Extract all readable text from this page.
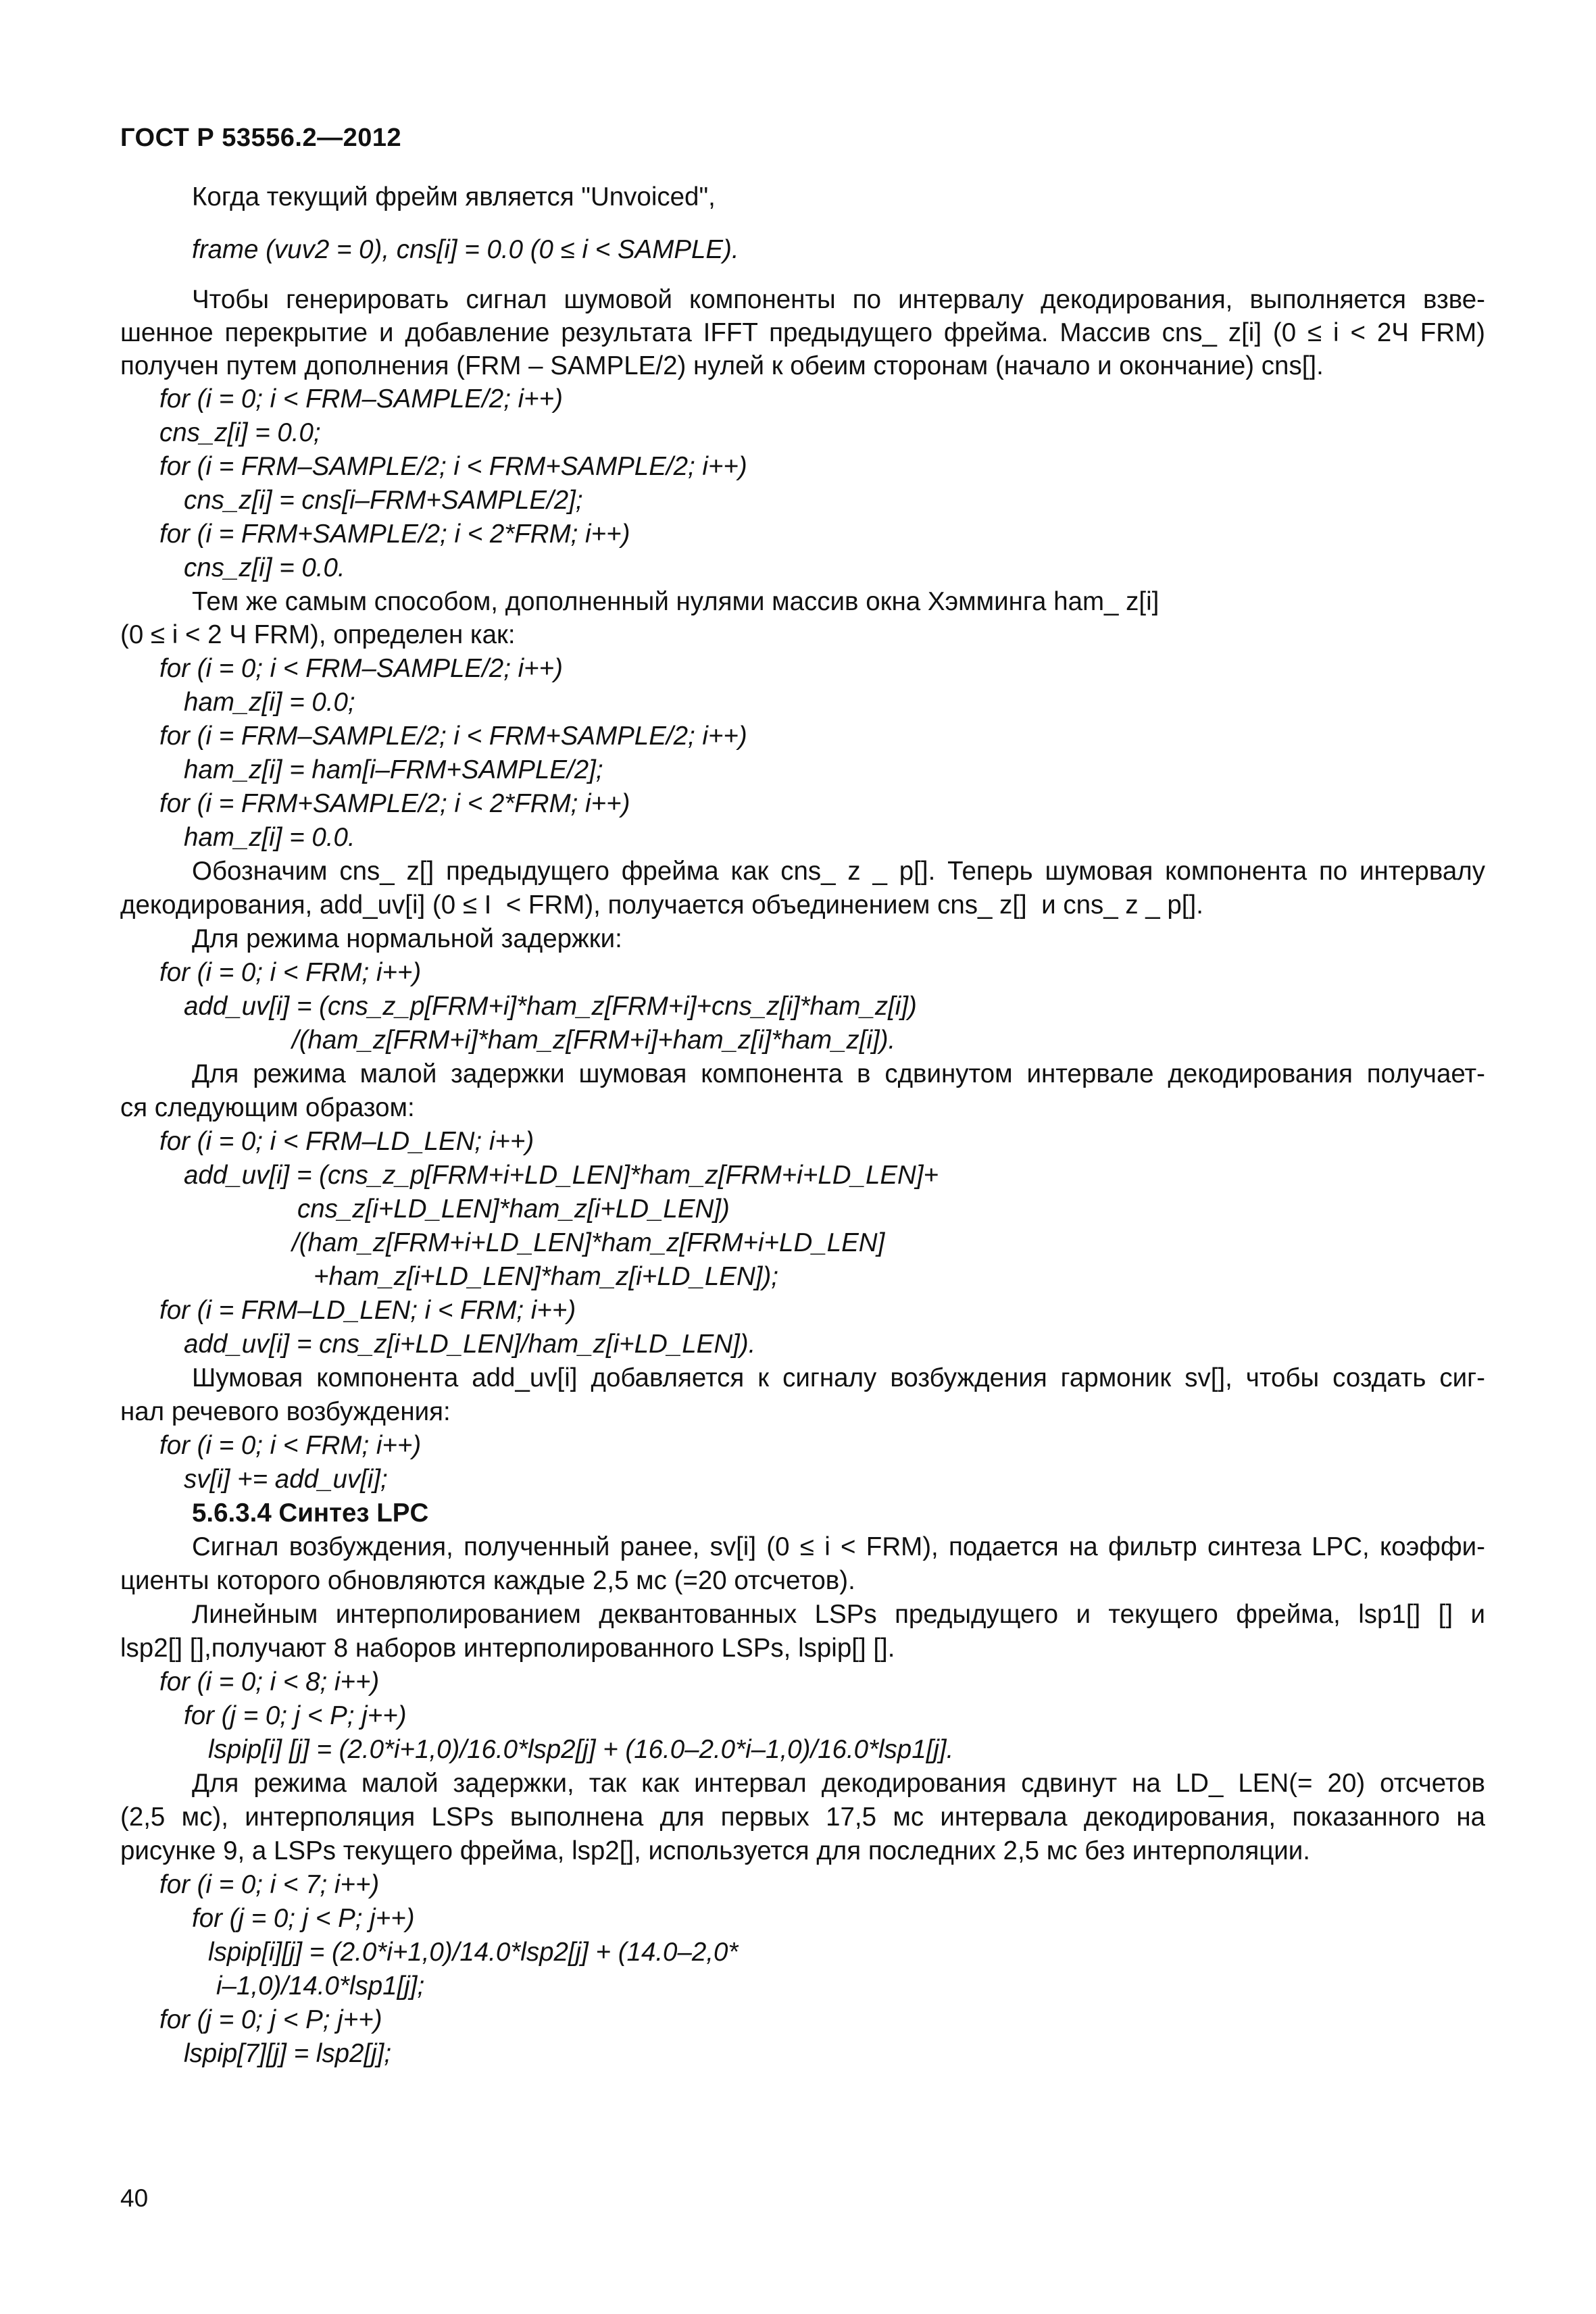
ГОСТ Р 53556.2—2012
Когда текущий фрейм является "Unvoiced",
frame (vuv2 = 0), cns[i] = 0.0 (0 ≤ i < SAMPLE).
Чтобы генерировать сигнал шумовой компоненты по интервалу декодирования, выполняется взве-
шенное перекрытие и добавление результата IFFT предыдущего фрейма. Массив cns_ z[i] (0 ≤ i < 2Ч FRM)
получен путем дополнения (FRM – SAMPLE/2) нулей к обеим сторонам (начало и окончание) cns[].
for (i = 0; i < FRM–SAMPLE/2; i++)
cns_z[i] = 0.0;
for (i = FRM–SAMPLE/2; i < FRM+SAMPLE/2; i++)
cns_z[i] = cns[i–FRM+SAMPLE/2];
for (i = FRM+SAMPLE/2; i < 2*FRM; i++)
cns_z[i] = 0.0.
Тем же самым способом, дополненный нулями массив окна Хэмминга ham_ z[i]
(0 ≤ i < 2 Ч FRM), определен как:
for (i = 0; i < FRM–SAMPLE/2; i++)
ham_z[i] = 0.0;
for (i = FRM–SAMPLE/2; i < FRM+SAMPLE/2; i++)
ham_z[i] = ham[i–FRM+SAMPLE/2];
for (i = FRM+SAMPLE/2; i < 2*FRM; i++)
ham_z[i] = 0.0.
Обозначим cns_ z[] предыдущего фрейма как cns_ z _ p[]. Теперь шумовая компонента по интервалу
декодирования, add_uv[i] (0 ≤ I  < FRM), получается объединением cns_ z[]  и cns_ z _ p[].
Для режима нормальной задержки:
for (i = 0; i < FRM; i++)
add_uv[i] = (cns_z_p[FRM+i]*ham_z[FRM+i]+cns_z[i]*ham_z[i])
/(ham_z[FRM+i]*ham_z[FRM+i]+ham_z[i]*ham_z[i]).
Для режима малой задержки шумовая компонента в сдвинутом интервале декодирования получает-
ся следующим образом:
for (i = 0; i < FRM–LD_LEN; i++)
add_uv[i] = (cns_z_p[FRM+i+LD_LEN]*ham_z[FRM+i+LD_LEN]+
cns_z[i+LD_LEN]*ham_z[i+LD_LEN])
/(ham_z[FRM+i+LD_LEN]*ham_z[FRM+i+LD_LEN]
+ham_z[i+LD_LEN]*ham_z[i+LD_LEN]);
for (i = FRM–LD_LEN; i < FRM; i++)
add_uv[i] = cns_z[i+LD_LEN]/ham_z[i+LD_LEN]).
Шумовая компонента add_uv[i] добавляется к сигналу возбуждения гармоник sv[], чтобы создать сиг-
нал речевого возбуждения:
for (i = 0; i < FRM; i++)
sv[i] += add_uv[i];
5.6.3.4 Синтез LPC
Сигнал возбуждения, полученный ранее, sv[i] (0 ≤ i < FRM), подается на фильтр синтеза LPC, коэффи-
циенты которого обновляются каждые 2,5 мс (=20 отсчетов).
Линейным интерполированием деквантованных LSPs предыдущего и текущего фрейма, lsp1[] [] и
lsp2[] [],получают 8 наборов интерполированного LSPs, lspip[] [].
for (i = 0; i < 8; i++)
for (j = 0; j < P; j++)
lspip[i] [j] = (2.0*i+1,0)/16.0*lsp2[j] + (16.0–2.0*i–1,0)/16.0*lsp1[j].
Для режима малой задержки, так как интервал декодирования сдвинут на LD_ LEN(= 20) отсчетов
(2,5 мс), интерполяция LSPs выполнена для первых 17,5 мс интервала декодирования, показанного на
рисунке 9, а LSPs текущего фрейма, lsp2[], используется для последних 2,5 мс без интерполяции.
for (i = 0; i < 7; i++)
for (j = 0; j < P; j++)
lspip[i][j] = (2.0*i+1,0)/14.0*lsp2[j] + (14.0–2,0*
i–1,0)/14.0*lsp1[j];
for (j = 0; j < P; j++)
lspip[7][j] = lsp2[j];
40
